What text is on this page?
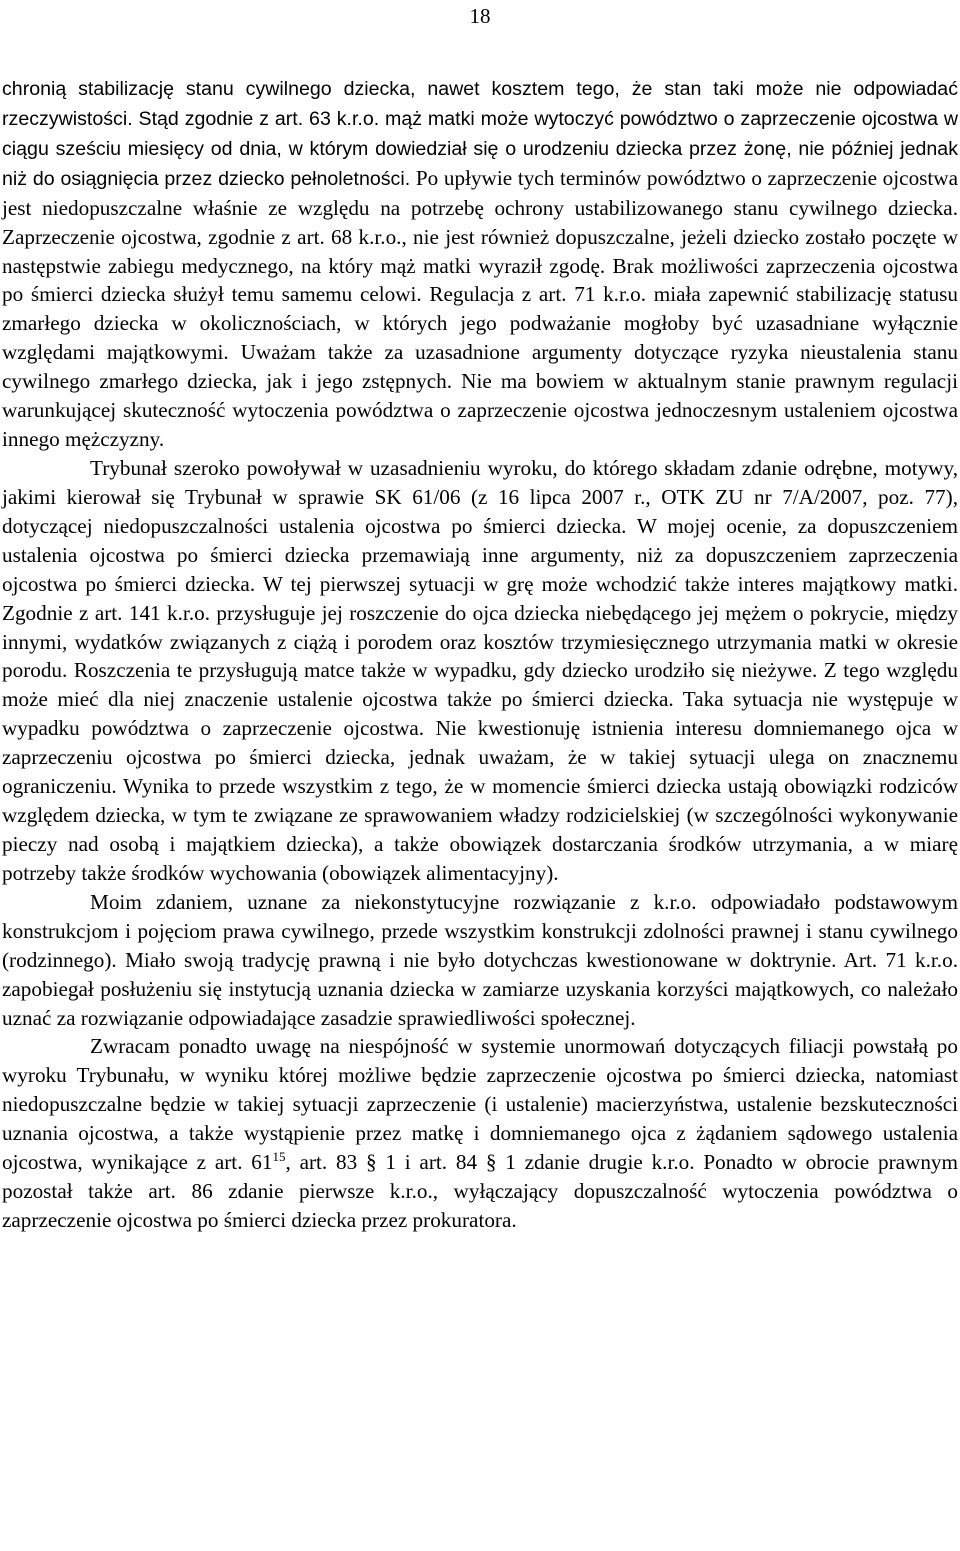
18

chronią stabilizację stanu cywilnego dziecka, nawet kosztem tego, że stan taki może nie odpowiadać rzeczywistości. Stąd zgodnie z art. 63 k.r.o. mąż matki może wytoczyć powództwo o zaprzeczenie ojcostwa w ciągu sześciu miesięcy od dnia, w którym dowiedział się o urodzeniu dziecka przez żonę, nie później jednak niż do osiągnięcia przez dziecko pełnoletności. Po upływie tych terminów powództwo o zaprzeczenie ojcostwa jest niedopuszczalne właśnie ze względu na potrzebę ochrony ustabilizowanego stanu cywilnego dziecka. Zaprzeczenie ojcostwa, zgodnie z art. 68 k.r.o., nie jest również dopuszczalne, jeżeli dziecko zostało poczęte w następstwie zabiegu medycznego, na który mąż matki wyraził zgodę. Brak możliwości zaprzeczenia ojcostwa po śmierci dziecka służył temu samemu celowi. Regulacja z art. 71 k.r.o. miała zapewnić stabilizację statusu zmarłego dziecka w okolicznościach, w których jego podważanie mogłoby być uzasadniane wyłącznie względami majątkowymi. Uważam także za uzasadnione argumenty dotyczące ryzyka nieustalenia stanu cywilnego zmarłego dziecka, jak i jego zstępnych. Nie ma bowiem w aktualnym stanie prawnym regulacji warunkującej skuteczność wytoczenia powództwa o zaprzeczenie ojcostwa jednoczesnym ustaleniem ojcostwa innego mężczyzny.

Trybunał szeroko powoływał w uzasadnieniu wyroku, do którego składam zdanie odrębne, motywy, jakimi kierował się Trybunał w sprawie SK 61/06 (z 16 lipca 2007 r., OTK ZU nr 7/A/2007, poz. 77), dotyczącej niedopuszczalności ustalenia ojcostwa po śmierci dziecka. W mojej ocenie, za dopuszczeniem ustalenia ojcostwa po śmierci dziecka przemawiają inne argumenty, niż za dopuszczeniem zaprzeczenia ojcostwa po śmierci dziecka. W tej pierwszej sytuacji w grę może wchodzić także interes majątkowy matki. Zgodnie z art. 141 k.r.o. przysługuje jej roszczenie do ojca dziecka niebędącego jej mężem o pokrycie, między innymi, wydatków związanych z ciążą i porodem oraz kosztów trzymiesięcznego utrzymania matki w okresie porodu. Roszczenia te przysługują matce także w wypadku, gdy dziecko urodziło się nieżywe. Z tego względu może mieć dla niej znaczenie ustalenie ojcostwa także po śmierci dziecka. Taka sytuacja nie występuje w wypadku powództwa o zaprzeczenie ojcostwa. Nie kwestionuję istnienia interesu domniemanego ojca w zaprzeczeniu ojcostwa po śmierci dziecka, jednak uważam, że w takiej sytuacji ulega on znacznemu ograniczeniu. Wynika to przede wszystkim z tego, że w momencie śmierci dziecka ustają obowiązki rodziców względem dziecka, w tym te związane ze sprawowaniem władzy rodzicielskiej (w szczególności wykonywanie pieczy nad osobą i majątkiem dziecka), a także obowiązek dostarczania środków utrzymania, a w miarę potrzeby także środków wychowania (obowiązek alimentacyjny).

Moim zdaniem, uznane za niekonstytucyjne rozwiązanie z k.r.o. odpowiadało podstawowym konstrukcjom i pojęciom prawa cywilnego, przede wszystkim konstrukcji zdolności prawnej i stanu cywilnego (rodzinnego). Miało swoją tradycję prawną i nie było dotychczas kwestionowane w doktrynie. Art. 71 k.r.o. zapobiegał posłużeniu się instytucją uznania dziecka w zamiarze uzyskania korzyści majątkowych, co należało uznać za rozwiązanie odpowiadające zasadzie sprawiedliwości społecznej.

Zwracam ponadto uwagę na niespójność w systemie unormowań dotyczących filiacji powstałą po wyroku Trybunału, w wyniku której możliwe będzie zaprzeczenie ojcostwa po śmierci dziecka, natomiast niedopuszczalne będzie w takiej sytuacji zaprzeczenie (i ustalenie) macierzyństwa, ustalenie bezskuteczności uznania ojcostwa, a także wystąpienie przez matkę i domniemanego ojca z żądaniem sądowego ustalenia ojcostwa, wynikające z art. $61^{15}$, art. 83 § 1 i art. 84 § 1 zdanie drugie k.r.o. Ponadto w obrocie prawnym pozostał także art. 86 zdanie pierwsze k.r.o., wyłączający dopuszczalność wytoczenia powództwa o zaprzeczenie ojcostwa po śmierci dziecka przez prokuratora.
